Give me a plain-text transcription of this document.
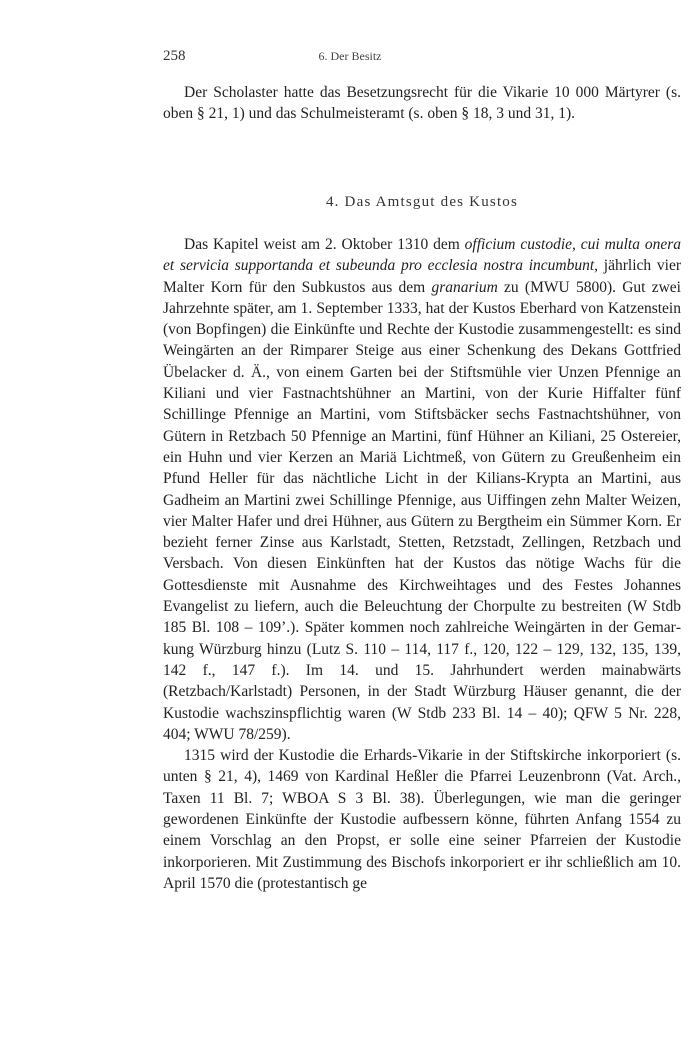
258	6. Der Besitz

Der Scholaster hatte das Besetzungsrecht für die Vikarie 10 000 Märtyrer (s. oben § 21, 1) und das Schulmeisteramt (s. oben § 18, 3 und 31, 1).

4. Das Amtsgut des Kustos

Das Kapitel weist am 2. Oktober 1310 dem officium custodie, cui multa onera et servicia supportanda et subeunda pro ecclesia nostra incumbunt, jährlich vier Malter Korn für den Subkustos aus dem granarium zu (MWU 5800). Gut zwei Jahrzehnte später, am 1. September 1333, hat der Kustos Eberhard von Katzenstein (von Bopfingen) die Einkünfte und Rechte der Kustodie zusammengestellt: es sind Weingärten an der Rimparer Steige aus einer Schenkung des Dekans Gottfried Übelacker d. Ä., von einem Garten bei der Stiftsmühle vier Unzen Pfennige an Kiliani und vier Fastnachtshühner an Martini, von der Kurie Hiffalter fünf Schillinge Pfennige an Martini, vom Stiftsbäcker sechs Fastnachtshühner, von Gütern in Retzbach 50 Pfennige an Martini, fünf Hühner an Kiliani, 25 Ostereier, ein Huhn und vier Kerzen an Mariä Lichtmeß, von Gütern zu Greußenheim ein Pfund Heller für das nächtliche Licht in der Kilians-Krypta an Martini, aus Gadheim an Martini zwei Schillinge Pfennige, aus Uiffingen zehn Malter Weizen, vier Malter Hafer und drei Hühner, aus Gütern zu Bergtheim ein Sümmer Korn. Er bezieht ferner Zinse aus Karlstadt, Stetten, Retzstadt, Zellingen, Retzbach und Versbach. Von diesen Einkünften hat der Kustos das nötige Wachs für die Gottesdienste mit Ausnahme des Kirchweihtages und des Festes Johannes Evangelist zu liefern, auch die Beleuchtung der Chorpulte zu bestreiten (W Stdb 185 Bl. 108 – 109’.). Später kommen noch zahlreiche Weingärten in der Gemarkung Würzburg hinzu (Lutz S. 110 – 114, 117 f., 120, 122 – 129, 132, 135, 139, 142 f., 147 f.). Im 14. und 15. Jahrhundert werden mainabwärts (Retzbach/Karlstadt) Personen, in der Stadt Würzburg Häuser genannt, die der Kustodie wachszinspflichtig waren (W Stdb 233 Bl. 14 – 40); QFW 5 Nr. 228, 404; WWU 78/259).

1315 wird der Kustodie die Erhards-Vikarie in der Stiftskirche inkorporiert (s. unten § 21, 4), 1469 von Kardinal Heßler die Pfarrei Leuzenbronn (Vat. Arch., Taxen 11 Bl. 7; WBOA S 3 Bl. 38). Überlegungen, wie man die geringer gewordenen Einkünfte der Kustodie aufbessern könne, führten Anfang 1554 zu einem Vorschlag an den Propst, er solle eine seiner Pfarreien der Kustodie inkorporieren. Mit Zustimmung des Bischofs inkorporiert er ihr schließlich am 10. April 1570 die (protestantisch ge
